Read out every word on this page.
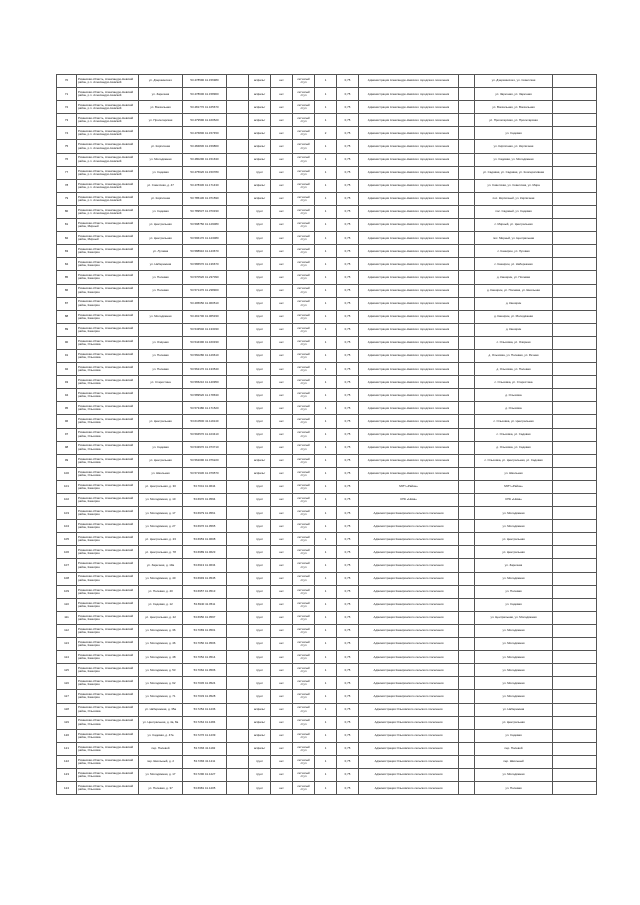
70	Рязанская область, Александро-Невский район, р.п. Александро-Невский	ул. Дзержинского	53.478590 41.156980		асфальт	нет	сетчатый стул	1	0,75	Администрация Александро-Невского городского поселения		ул. Дзержинского, ул. Советская	
71	Рязанская область, Александро-Невский район, р.п. Александро-Невский	ул. Заречная	53.478600 41.158960		асфальт	нет	сетчатый стул	1	0,75	Администрация Александро-Невского городского поселения		ул. Заречная, ул. Заречная	
72	Рязанская область, Александро-Невский район, р.п. Александро-Невский	ул. Вокзальная	53.481770 41.165670		асфальт	нет	сетчатый стул	1	0,75	Администрация Александро-Невского городского поселения		ул. Вокзальная, ул. Вокзальная	
73	Рязанская область, Александро-Невский район, р.п. Александро-Невский	ул. Пролетарская	53.479590 41.160520		асфальт	нет	сетчатый стул	1	0,75	Администрация Александро-Невского городского поселения		ул. Пролетарская, ул. Пролетарская	
74	Рязанская область, Александро-Невский район, р.п. Александро-Невский		53.476800 41.157450		асфальт	нет	сетчатый стул	2	0,75	Администрация Александро-Невского городского поселения		ул. Садовая	
75	Рязанская область, Александро-Невский район, р.п. Александро-Невский	ул. Кирпичная	53.484830 41.159860		асфальт	нет	сетчатый стул	1	0,75	Администрация Александро-Невского городского поселения		ул. Кирпичная, ул. Кирпичная	
76	Рязанская область, Александро-Невский район, р.п. Александро-Невский	ул. Молодёжная	53.480290 41.151630		асфальт	нет	сетчатый стул	1	0,75	Администрация Александро-Невского городского поселения		ул. Садовая, ул. Молодёжная	
77	Рязанская область, Александро-Невский район, р.п. Александро-Невский	ул. Садовая	53.475620 41.150780		грунт	нет	сетчатый стул	1	0,75	Администрация Александро-Невского городского поселения		ул. Садовая, ул. Садовая, ул. Кооперативная	
78	Рязанская область, Александро-Невский район, р.п. Александро-Невский	ул. Советская, д. 47	53.478330 41.171430		асфальт	нет	сетчатый стул	1	0,75	Администрация Александро-Невского городского поселения		ул. Советская, ул. Советская, ул. Мира	
79	Рязанская область, Александро-Невский район, р.п. Александро-Невский	ул. Кирпичная	53.785130 41.071590		асфальт	нет	сетчатый стул	1	0,75	Администрация Александро-Невского городского поселения		пос. Кирпичный, ул. Кирпичная	
80	Рязанская область, Александро-Невский район, р.п. Александро-Невский	ул. Садовая	53.789537 41.070330		грунт	нет	сетчатый стул	1	0,75	Администрация Александро-Невского городского поселения		пос. Садовый, ул. Садовая	
81	Рязанская область, Александро-Невский район, Мирный	ул. Центральная	53.598750 41.129080		грунт	нет	сетчатый стул	1	0,75	Администрация Александро-Невского городского поселения		с. Мирный, ул. Центральная	
82	Рязанская область, Александро-Невский район, Мирный	ул. Центральная	53.596170 41.123080		грунт	нет	сетчатый стул	1	0,75	Администрация Александро-Невского городского поселения		пос. Мирный, ул. Центральная	
83	Рязанская область, Александро-Невский район, Каширин	ул. Луговая	53.588910 41.143670		грунт	нет	сетчатый стул	1	0,75	Администрация Александро-Невского городского поселения		с. Каширин, ул. Луговая	
84	Рязанская область, Александро-Невский район, Каширин	ул. Набережная	53.586570 41.136670		грунт	нет	сетчатый стул	1	0,75	Администрация Александро-Невского городского поселения		с. Каширин, ул. Набережная	
85	Рязанская область, Александро-Невский район, Каширин	ул. Полевая	53.570520 41.237090		грунт	нет	сетчатый стул	1	0,75	Администрация Александро-Невского городского поселения		д. Каширин, ул. Полевая	
86	Рязанская область, Александро-Невский район, Каширин	ул. Полевая	53.571470 41.238900		грунт	нет	сетчатый стул	1	0,75	Администрация Александро-Невского городского поселения		д. Каширин, ул. Полевая, ул. Школьная	
87	Рязанская область, Александро-Невский район, Каширин		53.495650 41.060510		грунт	нет	сетчатый стул	1	0,75	Администрация Александро-Невского городского поселения		д. Каширин	
88	Рязанская область, Александро-Невский район, Каширин	ул. Молодёжная	53.491700 41.065330		грунт	нет	сетчатый стул	1	0,75	Администрация Александро-Невского городского поселения		д. Каширин, ул. Молодёжная	
89	Рязанская область, Александро-Невский район, Каширин		53.543540 41.133030		грунт	нет	сетчатый стул	1	0,75	Администрация Александро-Невского городского поселения		д. Каширин	
90	Рязанская область, Александро-Невский район, Ольховка	ул. Озёрная	53.544390 41.160330		грунт	нет	сетчатый стул	1	0,75	Администрация Александро-Невского городского поселения		с. Ольховка, ул. Озёрная	
91	Рязанская область, Александро-Невский район, Ольховка	ул. Полевая	53.560280 41.129610		грунт	нет	сетчатый стул	1	0,75	Администрация Александро-Невского городского поселения		д. Ольховка, ул. Полевая, ул. Речная	
92	Рязанская область, Александро-Невский район, Ольховка	ул. Полевая	53.562170 41.133540		грунт	нет	сетчатый стул	1	0,75	Администрация Александро-Невского городского поселения		д. Ольховка, ул. Полевая	
93	Рязанская область, Александро-Невский район, Ольховка	ул. Старостина	53.565210 41.140950		грунт	нет	сетчатый стул	1	0,75	Администрация Александро-Невского городского поселения		с. Ольховка, ул. Старостина	
94	Рязанская область, Александро-Невский район, Ольховка		53.589520 41.178630		грунт	нет	сетчатый стул	1	0,75	Администрация Александро-Невского городского поселения		д. Ольховка	
95	Рязанская область, Александро-Невский район, Ольховка		53.573480 41.171520		грунт	нет	сетчатый стул	1	0,75	Администрация Александро-Невского городского поселения		д. Ольховка	
96	Рязанская область, Александро-Невский район, Ольховка	ул. Центральная	53.610500 41.119140		грунт	нет	сетчатый стул	1	0,75	Администрация Александро-Невского городского поселения		с. Ольховка, ул. Центральная	
97	Рязанская область, Александро-Невский район, Ольховка		53.594570 41.103410		грунт	нет	сетчатый стул	1	0,75	Администрация Александро-Невского городского поселения		с. Ольховка, ул. Садовая	
98	Рязанская область, Александро-Невский район, Ольховка	ул. Садовая	53.543970 41.073710		грунт	нет	сетчатый стул	1	0,75	Администрация Александро-Невского городского поселения		д. Ольховка, ул. Садовая	
99	Рязанская область, Александро-Невский район, Ольховка	ул. Центральная	53.562090 41.076220		асфальт	нет	сетчатый стул	1	0,75	Администрация Александро-Невского городского поселения		с. Ольховка, ул. Центральная, ул. Садовая	
100	Рязанская область, Александро-Невский район, Ольховка	ул. Школьная	53.571930 41.079570		асфальт	нет	сетчатый стул	1	0,75	Администрация Александро-Невского городского поселения		ул. Школьная	
101	Рязанская область, Александро-Невский район, Каширин	ул. Центральная, д. 30	53.7041 41.0644		грунт	нет	сетчатый стул	1	0,75	МУП «Район»		МУП «Район»	
102	Рязанская область, Александро-Невский район, Каширин	ул. Молодёжная, д. 10	53.6970 41.0594		грунт	нет	сетчатый стул	1	0,75	СПК «Нива»		СПК «Нива»	
103	Рязанская область, Александро-Невский район, Каширин	ул. Молодёжная, д. 17	53.6979 41.0561		грунт	нет	сетчатый стул	1	0,75	Администрация Каширинского сельского поселения		ул. Молодёжная	
104	Рязанская область, Александро-Невский район, Каширин	ул. Молодёжная, д. 27	53.6976 41.0565		грунт	нет	сетчатый стул	1	0,75	Администрация Каширинского сельского поселения		ул. Молодёжная	
105	Рязанская область, Александро-Невский район, Каширин	ул. Центральная, д. 23	53.6953 41.0608		грунт	нет	сетчатый стул	1	0,75	Администрация Каширинского сельского поселения		ул. Центральная	
106	Рязанская область, Александро-Невский район, Каширин	ул. Центральная, д. 78	53.6989 41.0623		грунт	нет	сетчатый стул	1	0,75	Администрация Каширинского сельского поселения		ул. Центральная	
107	Рязанская область, Александро-Невский район, Каширин	ул. Заречная, д. 19а	53.6913 41.0634		грунт	нет	сетчатый стул	1	0,75	Администрация Каширинского сельского поселения		ул. Заречная	
108	Рязанская область, Александро-Невский район, Каширин	ул. Молодёжная, д. 40	53.6993 41.0545		грунт	нет	сетчатый стул	1	0,75	Администрация Каширинского сельского поселения		ул. Молодёжная	
109	Рязанская область, Александро-Невский район, Каширин	ул. Полевая, д. 40	53.6957 41.0513		грунт	нет	сетчатый стул	1	0,75	Администрация Каширинского сельского поселения		ул. Полевая	
110	Рязанская область, Александро-Невский район, Каширин	ул. Садовая, д. 12	53.6940 41.0511		грунт	нет	сетчатый стул	1	0,75	Администрация Каширинского сельского поселения		ул. Садовая	
111	Рязанская область, Александро-Невский район, Каширин	ул. Центральная, д. 22	53.6950 41.0597		грунт	нет	сетчатый стул	1	0,75	Администрация Каширинского сельского поселения		ул. Центральная, ул. Молодёжная	
112	Рязанская область, Александро-Невский район, Каширин	ул. Молодёжная, д. 36	53.7083 41.0501		грунт	нет	сетчатый стул	1	0,75	Администрация Каширинского сельского поселения		ул. Молодёжная	
113	Рязанская область, Александро-Невский район, Каширин	ул. Молодёжная, д. 46	53.7050 41.0506		грунт	нет	сетчатый стул	1	0,75	Администрация Каширинского сельского поселения		ул. Молодёжная	
114	Рязанская область, Александро-Невский район, Каширин	ул. Молодёжная, д. 48	53.7052 41.0514		грунт	нет	сетчатый стул	1	0,75	Администрация Каширинского сельского поселения		ул. Молодёжная	
115	Рязанская область, Александро-Невский район, Каширин	ул. Молодёжная, д. 53	53.7062 41.0506		грунт	нет	сетчатый стул	1	0,75	Администрация Каширинского сельского поселения		ул. Молодёжная	
116	Рязанская область, Александро-Невский район, Каширин	ул. Молодёжная, д. 62	53.7045 41.0524		грунт	нет	сетчатый стул	1	0,75	Администрация Каширинского сельского поселения		ул. Молодёжная	
117	Рязанская область, Александро-Невский район, Каширин	ул. Молодёжная, д. 71	53.7033 41.0528		грунт	нет	сетчатый стул	1	0,75	Администрация Каширинского сельского поселения		ул. Молодёжная	
118	Рязанская область, Александро-Невский район, Ольховка	ул. Набережная, д. 35а	53.7254 41.1236		асфальт	нет	сетчатый стул	1	0,75	Администрация Ольховского сельского поселения		ул. Набережная	
119	Рязанская область, Александро-Невский район, Ольховка	ул. Центральная, д. 4а, 8а	53.7264 41.1284		асфальт	нет	сетчатый стул	1	0,75	Администрация Ольховского сельского поселения		ул. Центральная	
120	Рязанская область, Александро-Невский район, Ольховка	ул. Садовая, д. 47а	53.7276 41.1239		асфальт	нет	сетчатый стул	1	0,75	Администрация Ольховского сельского поселения		ул. Садовая	
121	Рязанская область, Александро-Невский район, Ольховка	пер. Полевой	53.7266 41.1192		асфальт	нет	сетчатый стул	1	0,75	Администрация Ольховского сельского поселения		пер. Полевой	
122	Рязанская область, Александро-Невский район, Ольховка	пер. Школьный, д. 2	53.7284 41.1211		грунт	нет	сетчатый стул	1	0,75	Администрация Ольховского сельского поселения		пер. Школьный	
123	Рязанская область, Александро-Невский район, Ольховка	ул. Молодёжная, д. 17	53.7290 41.1227		грунт	нет	сетчатый стул	1	0,75	Администрация Ольховского сельского поселения		ул. Молодёжная	
124	Рязанская область, Александро-Невский район, Ольховка	ул. Полевая, д. 37	53.6981 41.1205		грунт	нет	сетчатый стул	1	0,75	Администрация Ольховского сельского поселения		ул. Полевая	
